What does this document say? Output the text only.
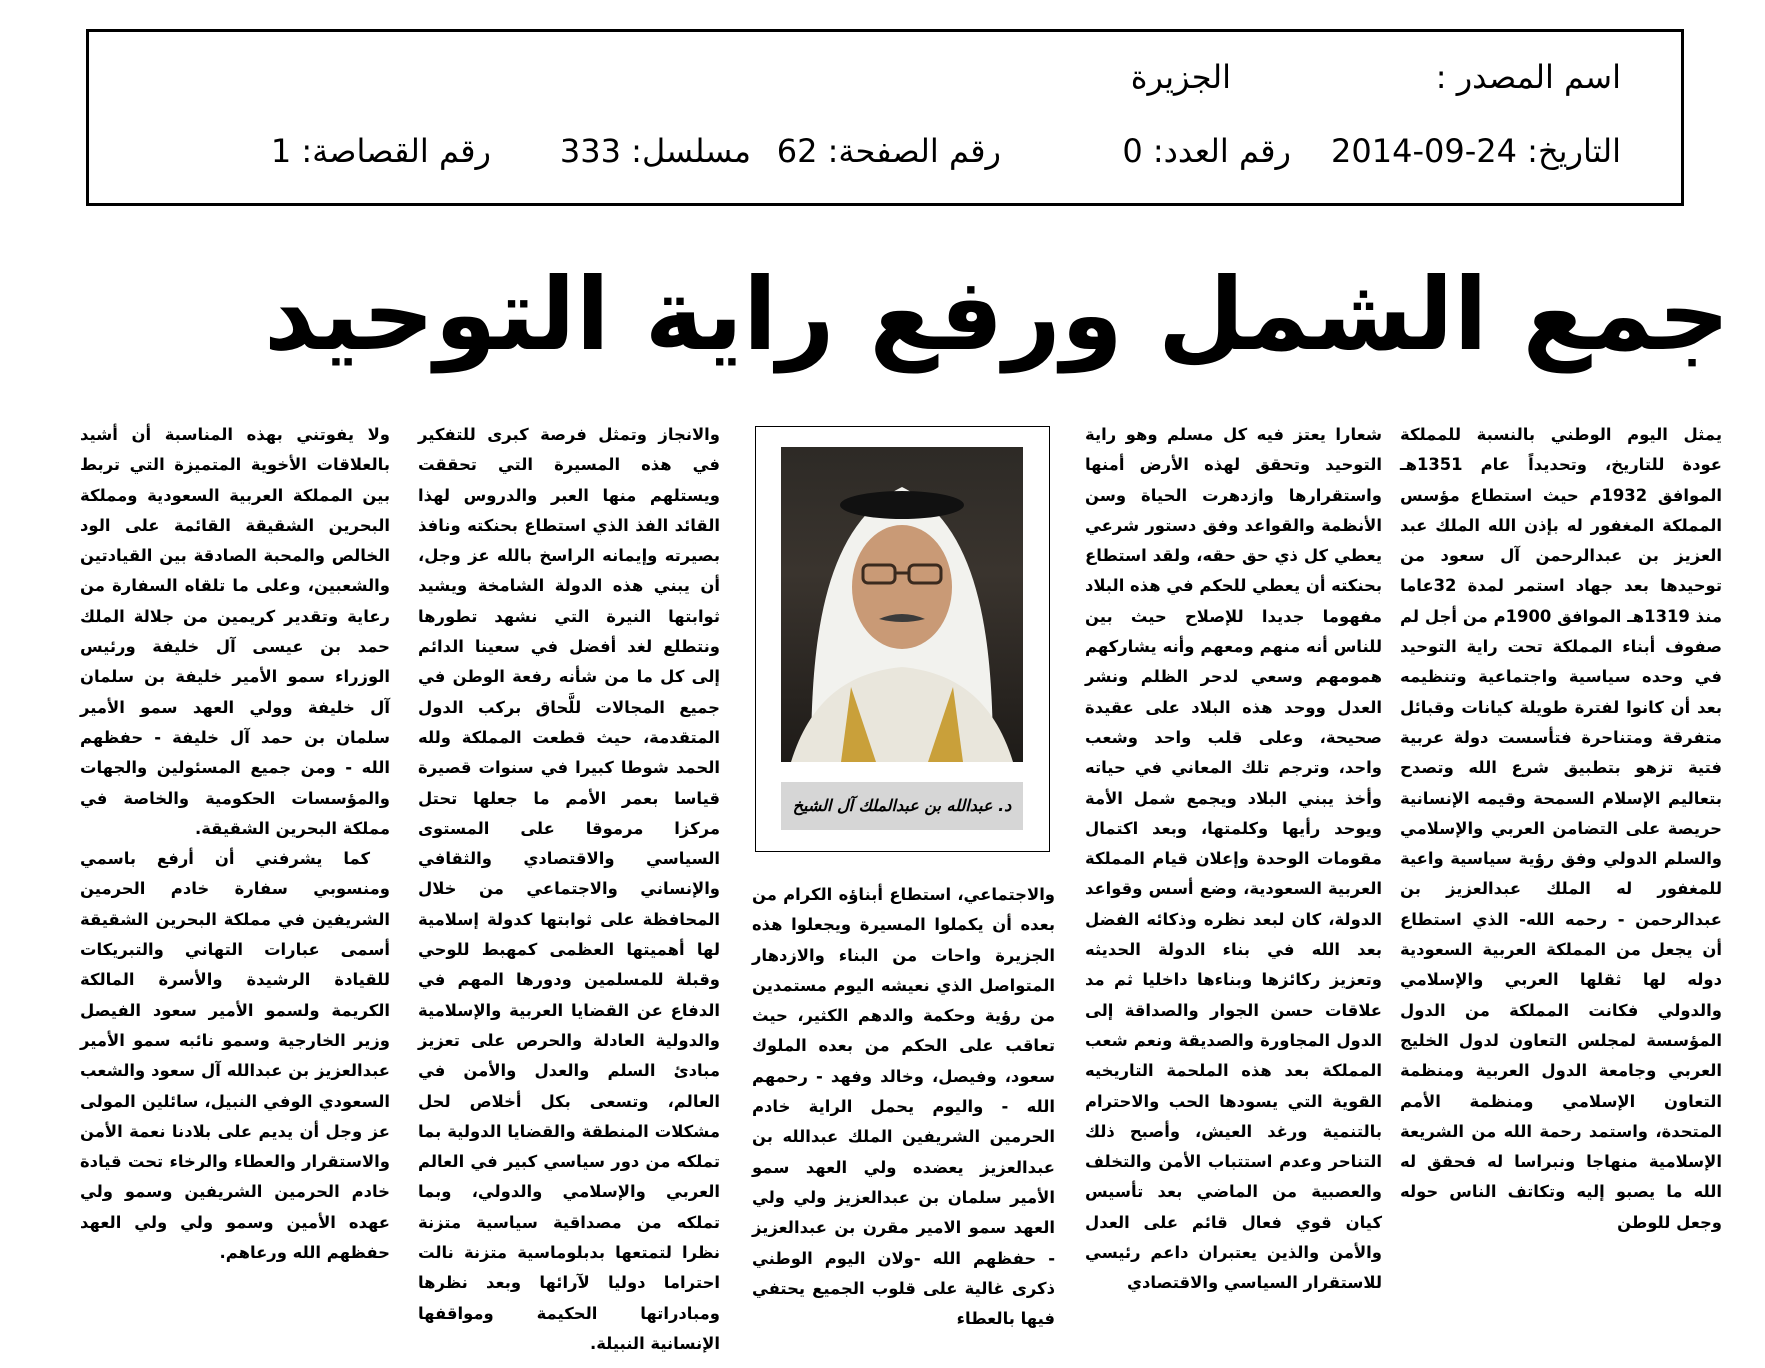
اسم المصدر :
الجزيرة
التاريخ: 24-09-2014
رقم العدد: 0
رقم الصفحة: 62
مسلسل: 333
رقم القصاصة: 1
جمع الشمل ورفع راية التوحيد

يمثل اليوم الوطني بالنسبة للمملكة عودة للتاريخ، وتحديداً عام 1351هـ الموافق 1932م حيث استطاع مؤسس المملكة المغفور له بإذن الله الملك عبد العزيز بن عبدالرحمن آل سعود من توحيدها بعد جهاد استمر لمدة 32عاما منذ 1319هـ الموافق 1900م من أجل لم صفوف أبناء المملكة تحت راية التوحيد في وحده سياسية واجتماعية وتنظيمه بعد أن كانوا لفترة طويلة كيانات وقبائل متفرقة ومتناحرة فتأسست دولة عربية فتية تزهو بتطبيق شرع الله وتصدح بتعاليم الإسلام السمحة وقيمه الإنسانية حريصة على التضامن العربي والإسلامي والسلم الدولي وفق رؤية سياسية واعية للمغفور له الملك عبدالعزيز بن عبدالرحمن - رحمه الله- الذي استطاع أن يجعل من المملكة العربية السعودية دوله لها ثقلها العربي والإسلامي والدولي فكانت المملكة من الدول المؤسسة لمجلس التعاون لدول الخليج العربي وجامعة الدول العربية ومنظمة التعاون الإسلامي ومنظمة الأمم المتحدة، واستمد رحمة الله من الشريعة الإسلامية منهاجا ونبراسا له فحقق له الله ما يصبو إليه وتكاتف الناس حوله وجعل للوطن

شعارا يعتز فيه كل مسلم وهو راية التوحيد وتحقق لهذه الأرض أمنها واستقرارها وازدهرت الحياة وسن الأنظمة والقواعد وفق دستور شرعي يعطي كل ذي حق حقه، ولقد استطاع بحنكته أن يعطي للحكم في هذه البلاد مفهوما جديدا للإصلاح حيث بين للناس أنه منهم ومعهم وأنه يشاركهم همومهم وسعي لدحر الظلم ونشر العدل ووحد هذه البلاد على عقيدة صحيحة، وعلى قلب واحد وشعب واحد، وترجم تلك المعاني في حياته وأخذ يبني البلاد ويجمع شمل الأمة ويوحد رأيها وكلمتها، وبعد اكتمال مقومات الوحدة وإعلان قيام المملكة العربية السعودية، وضع أسس وقواعد الدولة، كان لبعد نظره وذكائه الفضل بعد الله في بناء الدولة الحديثه وتعزيز ركائزها وبناءها داخليا ثم مد علاقات حسن الجوار والصداقة إلى الدول المجاورة والصديقة ونعم شعب المملكة بعد هذه الملحمة التاريخيه القوية التي يسودها الحب والاحترام بالتنمية ورغد العيش، وأصبح ذلك التناحر وعدم استتباب الأمن والتخلف والعصبية من الماضي بعد تأسيس كيان قوي فعال قائم على العدل والأمن والذين يعتبران داعم رئيسي للاستقرار السياسي والاقتصادي

د. عبدالله بن عبدالملك آل الشيخ

والاجتماعي، استطاع أبناؤه الكرام من بعده أن يكملوا المسيرة ويجعلوا هذه الجزيرة واحات من البناء والازدهار المتواصل الذي نعيشه اليوم مستمدين من رؤية وحكمة والدهم الكثير، حيث تعاقب على الحكم من بعده الملوك سعود، وفيصل، وخالد وفهد - رحمهم الله - واليوم يحمل الراية خادم الحرمين الشريفين الملك عبدالله بن عبدالعزيز يعضده ولي العهد سمو الأمير سلمان بن عبدالعزيز ولي ولي العهد سمو الامير مقرن بن عبدالعزيز - حفظهم الله -ولان اليوم الوطني ذكرى غالية على قلوب الجميع يحتفي فيها بالعطاء

والانجاز وتمثل فرصة كبرى للتفكير في هذه المسيرة التي تحققت ويستلهم منها العبر والدروس لهذا القائد الفذ الذي استطاع بحنكته ونافذ بصيرته وإيمانه الراسخ بالله عز وجل، أن يبني هذه الدولة الشامخة ويشيد ثوابتها النيرة التي نشهد تطورها ونتطلع لغد أفضل في سعينا الدائم إلى كل ما من شأنه رفعة الوطن في جميع المجالات للَّحاق بركب الدول المتقدمة، حيث قطعت المملكة ولله الحمد شوطا كبيرا في سنوات قصيرة قياسا بعمر الأمم ما جعلها تحتل مركزا مرموقا على المستوى السياسي والاقتصادي والثقافي والإنساني والاجتماعي من خلال المحافظة على ثوابتها كدولة إسلامية لها أهميتها العظمى كمهبط للوحي وقبلة للمسلمين ودورها المهم في الدفاع عن القضايا العربية والإسلامية والدولية العادلة والحرص على تعزيز مبادئ السلم والعدل والأمن في العالم، وتسعى بكل أخلاص لحل مشكلات المنطقة والقضايا الدولية بما تملكه من دور سياسي كبير في العالم العربي والإسلامي والدولي، وبما تملكه من مصداقية سياسية متزنة نظرا لتمتعها بدبلوماسية متزنة نالت احتراما دوليا لآرائها وبعد نظرها ومبادراتها الحكيمة ومواقفها الإنسانية النبيلة.

ولا يفوتني بهذه المناسبة أن أشيد بالعلاقات الأخوية المتميزة التي تربط بين المملكة العربية السعودية ومملكة البحرين الشقيقة القائمة على الود الخالص والمحبة الصادقة بين القيادتين والشعبين، وعلى ما تلقاه السفارة من رعاية وتقدير كريمين من جلالة الملك حمد بن عيسى آل خليفة ورئيس الوزراء سمو الأمير خليفة بن سلمان آل خليفة وولي العهد سمو الأمير سلمان بن حمد آل خليفة - حفظهم الله - ومن جميع المسئولين والجهات والمؤسسات الحكومية والخاصة في مملكة البحرين الشقيقة.

كما يشرفني أن أرفع باسمي ومنسوبي سفارة خادم الحرمين الشريفين في مملكة البحرين الشقيقة أسمى عبارات التهاني والتبريكات للقيادة الرشيدة والأسرة المالكة الكريمة ولسمو الأمير سعود الفيصل وزير الخارجية وسمو نائبه سمو الأمير عبدالعزيز بن عبدالله آل سعود والشعب السعودي الوفي النبيل، سائلين المولى عز وجل أن يديم على بلادنا نعمة الأمن والاستقرار والعطاء والرخاء تحت قيادة خادم الحرمين الشريفين وسمو ولي عهده الأمين وسمو ولي ولي العهد حفظهم الله ورعاهم.
